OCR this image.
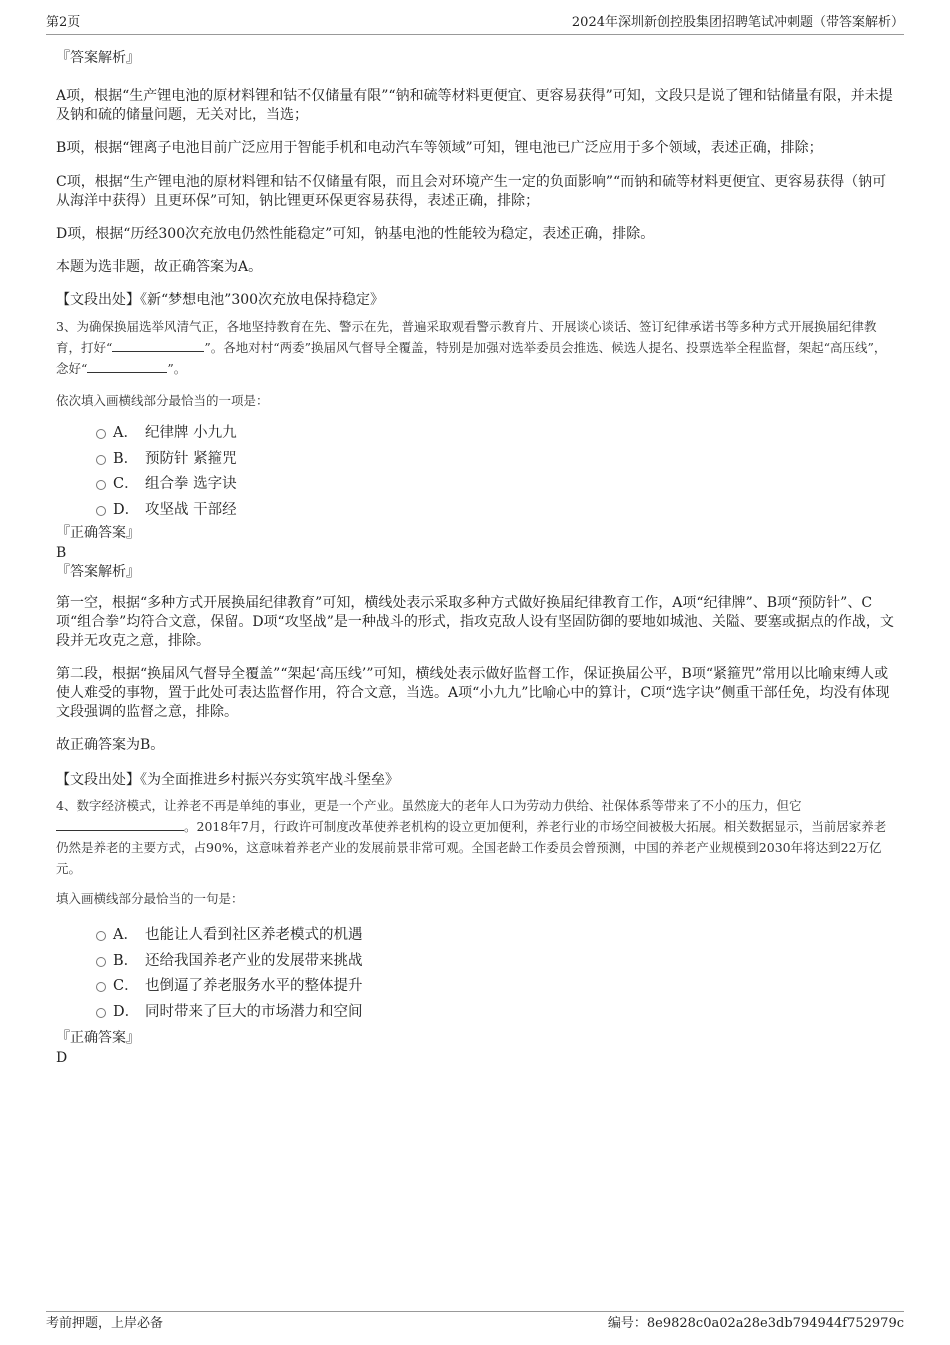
第2页	2024年深圳新创控股集团招聘笔试冲刺题（带答案解析）
『答案解析』

A项，根据“生产锂电池的原材料锂和钴不仅储量有限”“钠和硫等材料更便宜、更容易获得”可知，文段只是说了锂和钴储量有限，并未提及钠和硫的储量问题，无关对比，当选；

B项，根据“锂离子电池目前广泛应用于智能手机和电动汽车等领域”可知，锂电池已广泛应用于多个领域，表述正确，排除；

C项，根据“生产锂电池的原材料锂和钴不仅储量有限，而且会对环境产生一定的负面影响”“而钠和硫等材料更便宜、更容易获得（钠可从海洋中获得）且更环保”可知，钠比锂更环保更容易获得，表述正确，排除；

D项，根据“历经300次充放电仍然性能稳定”可知，钠基电池的性能较为稳定，表述正确，排除。

本题为选非题，故正确答案为A。

【文段出处】《新“梦想电池”300次充放电保持稳定》

3、为确保换届选举风清气正，各地坚持教育在先、警示在先，普遍采取观看警示教育片、开展谈心谈话、签订纪律承诺书等多种方式开展换届纪律教育，打好“	”。各地对村“两委”换届风气督导全覆盖，特别是加强对选举委员会推选、候选人提名、投票选举全程监督，架起“高压线”，念好“	”。

依次填入画横线部分最恰当的一项是：

A． 纪律牌 小九九
B． 预防针 紧箍咒
C． 组合拳 选字诀
D． 攻坚战 干部经
『正确答案』
B
『答案解析』

第一空，根据“多种方式开展换届纪律教育”可知，横线处表示采取多种方式做好换届纪律教育工作，A项“纪律牌”、B项“预防针”、C项“组合拳”均符合文意，保留。D项“攻坚战”是一种战斗的形式，指攻克敌人设有坚固防御的要地如城池、关隘、要塞或据点的作战，文段并无攻克之意，排除。

第二段，根据“换届风气督导全覆盖”“架起‘高压线’”可知，横线处表示做好监督工作，保证换届公平，B项“紧箍咒”常用以比喻束缚人或使人难受的事物，置于此处可表达监督作用，符合文意，当选。A项“小九九”比喻心中的算计，C项“选字诀”侧重干部任免，均没有体现文段强调的监督之意，排除。

故正确答案为B。

【文段出处】《为全面推进乡村振兴夯实筑牢战斗堡垒》

4、数字经济模式，让养老不再是单纯的事业，更是一个产业。虽然庞大的老年人口为劳动力供给、社保体系等带来了不小的压力，但它。2018年7月，行政许可制度改革使养老机构的设立更加便利，养老行业的市场空间被极大拓展。相关数据显示，当前居家养老仍然是养老的主要方式，占90%，这意味着养老产业的发展前景非常可观。全国老龄工作委员会曾预测，中国的养老产业规模到2030年将达到22万亿元。

填入画横线部分最恰当的一句是：

A． 也能让人看到社区养老模式的机遇
B． 还给我国养老产业的发展带来挑战
C． 也倒逼了养老服务水平的整体提升
D． 同时带来了巨大的市场潜力和空间
『正确答案』
D
考前押题，上岸必备	编号：8e9828c0a02a28e3db794944f752979c
